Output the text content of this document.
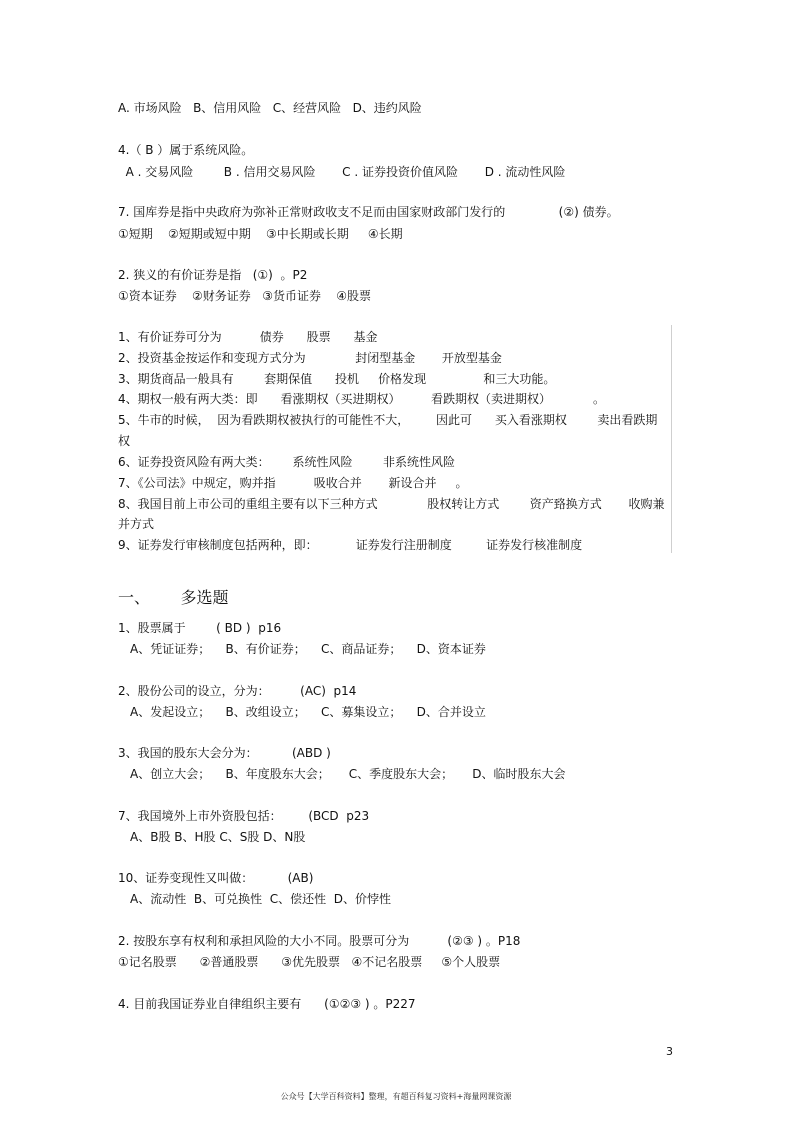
A. 市场风险   B、信用风险   C、经营风险   D、违约风险
4.（ B ）属于系统风险。
A . 交易风险        B . 信用交易风险       C . 证券投资价值风险       D . 流动性风险
7. 国库券是指中央政府为弥补正常财政收支不足而由国家财政部门发行的              (②) 债券。
①短期    ②短期或短中期    ③中长期或长期     ④长期
2. 狭义的有价证券是指   (①)  。P2
①资本证券    ②财务证券   ③货币证券    ④股票
1、有价证券可分为          债券      股票      基金
2、投资基金按运作和变现方式分为             封闭型基金       开放型基金
3、期货商品一般具有        套期保值      投机     价格发现               和三大功能。
4、期权一般有两大类：即      看涨期权（买进期权）        看跌期权（卖进期权）           。
5、牛市的时候，  因为看跌期权被执行的可能性不大，       因此可      买入看涨期权        卖出看跌期
权
6、证券投资风险有两大类：      系统性风险        非系统性风险
7、《公司法》中规定，购并指          吸收合并       新设合并     。
8、我国目前上市公司的重组主要有以下三种方式             股权转让方式        资产臵换方式       收购兼
并方式
9、证券发行审核制度包括两种，即：          证券发行注册制度         证券发行核准制度
一、      多选题
1、股票属于        ( BD )  p16
A、凭证证券；    B、有价证券；    C、商品证券；    D、资本证券
2、股份公司的设立，分为：        (AC)  p14
A、发起设立；    B、改组设立；    C、募集设立；    D、合并设立
3、我国的股东大会分为：         (ABD )
A、创立大会；    B、年度股东大会；     C、季度股东大会；     D、临时股东大会
7、我国境外上市外资股包括：       (BCD  p23
A、B股 B、H股 C、S股 D、N股
10、证券变现性又叫做：         (AB)
A、流动性  B、可兑换性  C、偿还性  D、价悖性
2. 按股东享有权利和承担风险的大小不同。股票可分为          (②③ ) 。P18
①记名股票      ②普通股票      ③优先股票   ④不记名股票     ⑤个人股票
4. 目前我国证券业自律组织主要有      (①②③ ) 。P227
3
公众号【大学百科资料】整理，有超百科复习资料+海量网课资源
